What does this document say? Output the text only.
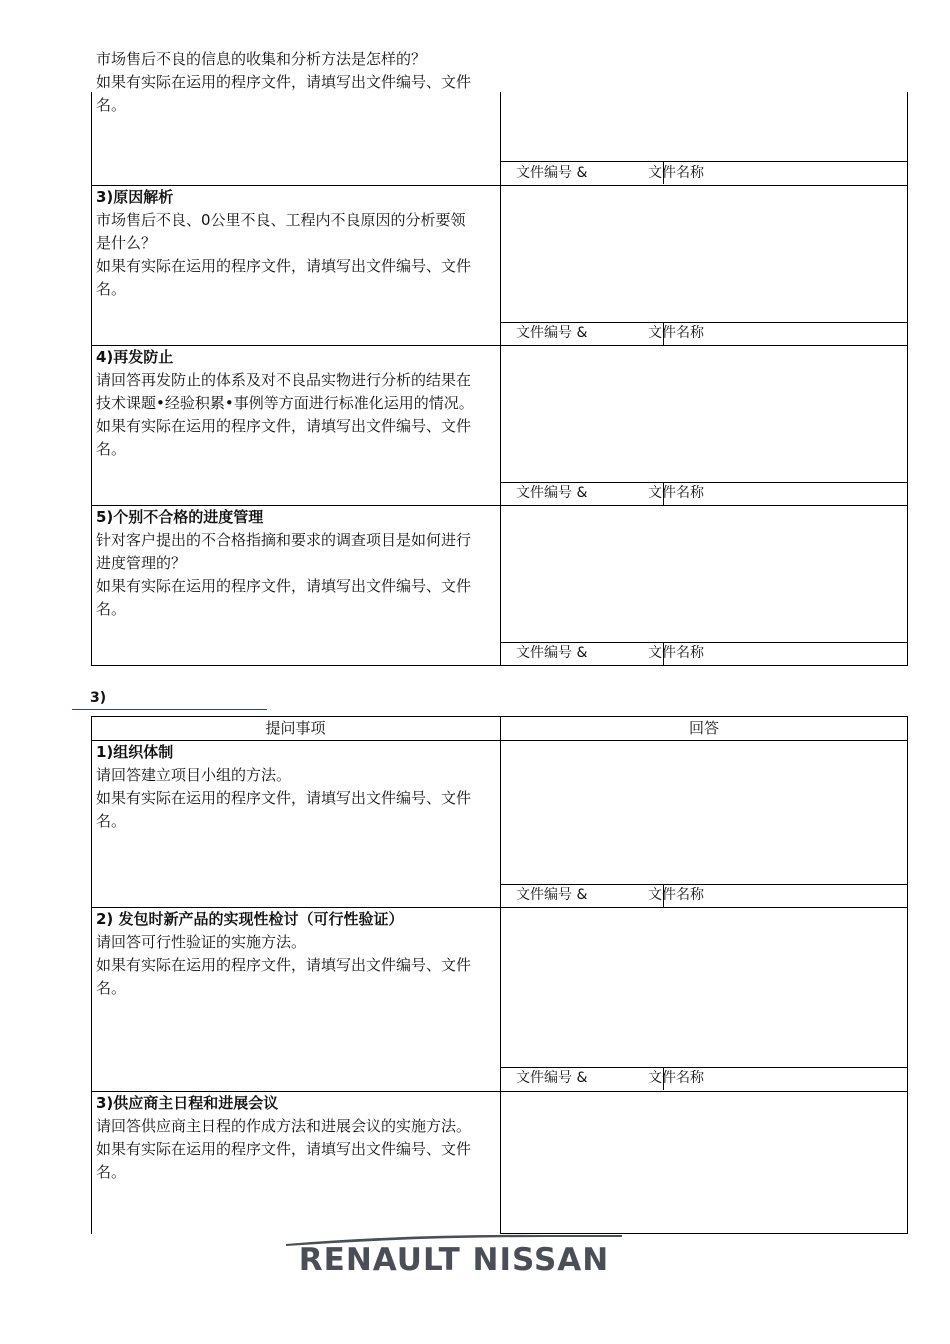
市场售后不良的信息的收集和分析方法是怎样的？
如果有实际在运用的程序文件，请填写出文件编号、文件
名。
文件编号 &	文件名称
3)原因解析
市场售后不良、0公里不良、工程内不良原因的分析要领
是什么？
如果有实际在运用的程序文件，请填写出文件编号、文件
名。
文件编号 &	文件名称
4)再发防止
请回答再发防止的体系及对不良品实物进行分析的结果在
技术课题•经验积累•事例等方面进行标准化运用的情况。
如果有实际在运用的程序文件，请填写出文件编号、文件
名。
文件编号 &	文件名称
5)个别不合格的进度管理
针对客户提出的不合格指摘和要求的调查项目是如何进行
进度管理的？
如果有实际在运用的程序文件，请填写出文件编号、文件
名。
文件编号 &	文件名称
3)
提问事项	回答
1)组织体制
请回答建立项目小组的方法。
如果有实际在运用的程序文件，请填写出文件编号、文件
名。
文件编号 &	文件名称
2) 发包时新产品的实现性检讨（可行性验证）
请回答可行性验证的实施方法。
如果有实际在运用的程序文件，请填写出文件编号、文件
名。
文件编号 &	文件名称
3)供应商主日程和进展会议
请回答供应商主日程的作成方法和进展会议的实施方法。
如果有实际在运用的程序文件，请填写出文件编号、文件
名。
RENAULT NISSAN
